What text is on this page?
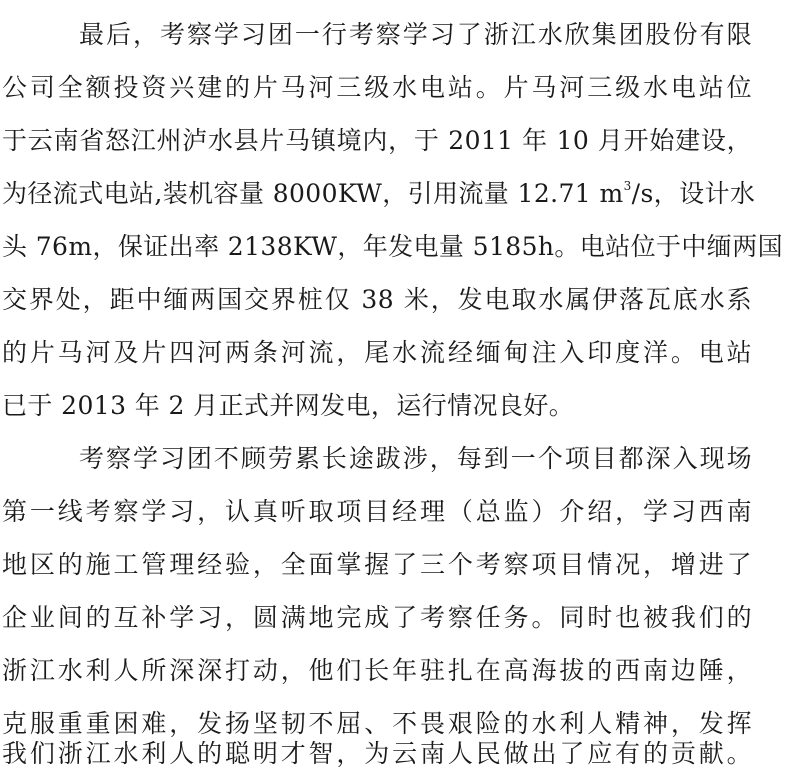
最后，考察学习团一行考察学习了浙江水欣集团股份有限
公司全额投资兴建的片马河三级水电站。片马河三级水电站位
于云南省怒江州泸水县片马镇境内，于 2011 年 10 月开始建设，
为径流式电站,装机容量 8000KW，引用流量 12.71 $m^3/s$，设计水
头 76m，保证出率 2138KW，年发电量 5185h。电站位于中缅两国
交界处，距中缅两国交界桩仅 38 米，发电取水属伊落瓦底水系
的片马河及片四河两条河流，尾水流经缅甸注入印度洋。电站
已于 2013 年 2 月正式并网发电，运行情况良好。
考察学习团不顾劳累长途跋涉，每到一个项目都深入现场
第一线考察学习，认真听取项目经理（总监）介绍，学习西南
地区的施工管理经验，全面掌握了三个考察项目情况，增进了
企业间的互补学习，圆满地完成了考察任务。同时也被我们的
浙江水利人所深深打动，他们长年驻扎在高海拔的西南边陲，
克服重重困难，发扬坚韧不屈、不畏艰险的水利人精神，发挥
我们浙江水利人的聪明才智，为云南人民做出了应有的贡献。
